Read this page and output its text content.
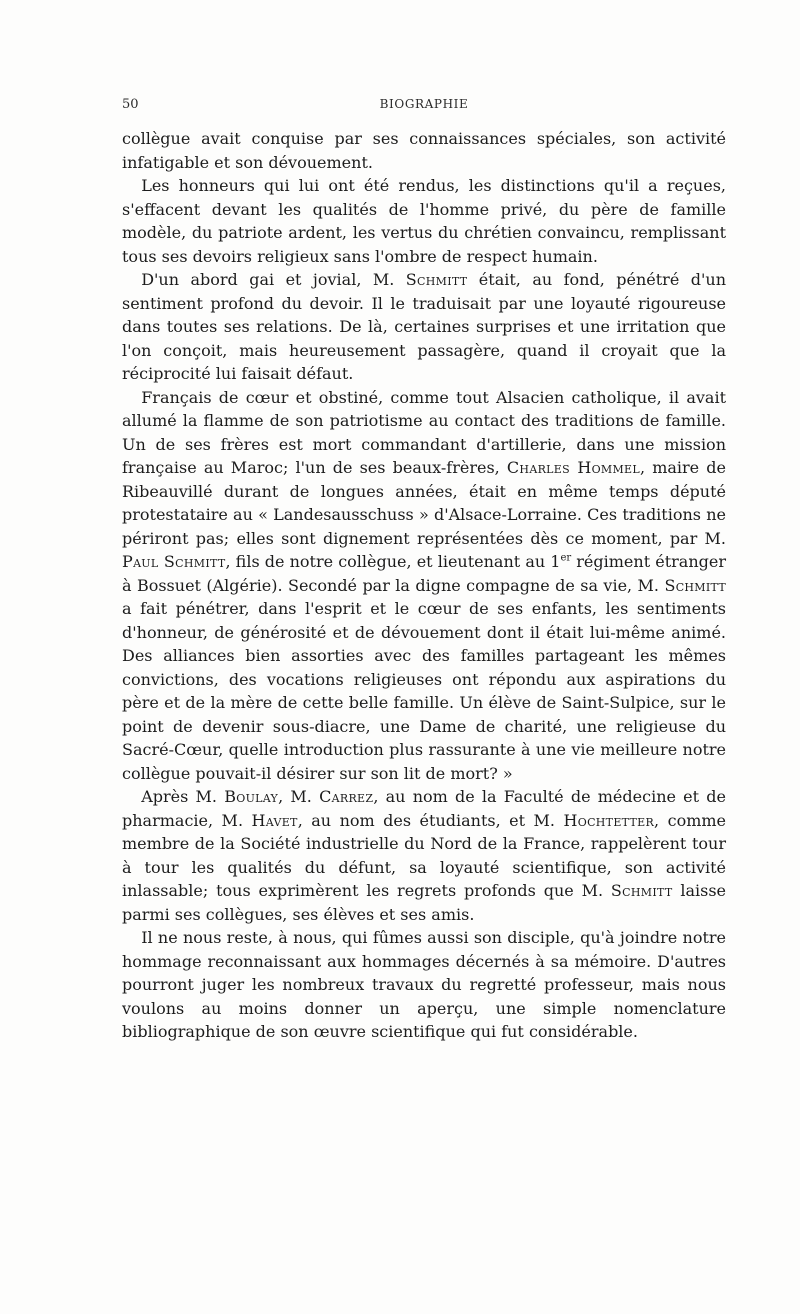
50	BIOGRAPHIE

collègue avait conquise par ses connaissances spéciales, son activité infatigable et son dévouement.

Les honneurs qui lui ont été rendus, les distinctions qu'il a reçues, s'effacent devant les qualités de l'homme privé, du père de famille modèle, du patriote ardent, les vertus du chrétien convaincu, remplissant tous ses devoirs religieux sans l'ombre de respect humain.

D'un abord gai et jovial, M. Schmitt était, au fond, pénétré d'un sentiment profond du devoir. Il le traduisait par une loyauté rigoureuse dans toutes ses relations. De là, certaines surprises et une irritation que l'on conçoit, mais heureusement passagère, quand il croyait que la réciprocité lui faisait défaut.

Français de cœur et obstiné, comme tout Alsacien catholique, il avait allumé la flamme de son patriotisme au contact des traditions de famille. Un de ses frères est mort commandant d'artillerie, dans une mission française au Maroc; l'un de ses beaux-frères, Charles Hommel, maire de Ribeauvillé durant de longues années, était en même temps député protestataire au « Landesausschuss » d'Alsace-Lorraine. Ces traditions ne périront pas; elles sont dignement représentées dès ce moment, par M. Paul Schmitt, fils de notre collègue, et lieutenant au 1er régiment étranger à Bossuet (Algérie). Secondé par la digne compagne de sa vie, M. Schmitt a fait pénétrer, dans l'esprit et le cœur de ses enfants, les sentiments d'honneur, de générosité et de dévouement dont il était lui-même animé. Des alliances bien assorties avec des familles partageant les mêmes convictions, des vocations religieuses ont répondu aux aspirations du père et de la mère de cette belle famille. Un élève de Saint-Sulpice, sur le point de devenir sous-diacre, une Dame de charité, une religieuse du Sacré-Cœur, quelle introduction plus rassurante à une vie meilleure notre collègue pouvait-il désirer sur son lit de mort? »

Après M. Boulay, M. Carrez, au nom de la Faculté de médecine et de pharmacie, M. Havet, au nom des étudiants, et M. Hochtetter, comme membre de la Société industrielle du Nord de la France, rappelèrent tour à tour les qualités du défunt, sa loyauté scientifique, son activité inlassable; tous exprimèrent les regrets profonds que M. Schmitt laisse parmi ses collègues, ses élèves et ses amis.

Il ne nous reste, à nous, qui fûmes aussi son disciple, qu'à joindre notre hommage reconnaissant aux hommages décernés à sa mémoire. D'autres pourront juger les nombreux travaux du regretté professeur, mais nous voulons au moins donner un aperçu, une simple nomenclature bibliographique de son œuvre scientifique qui fut considérable.
